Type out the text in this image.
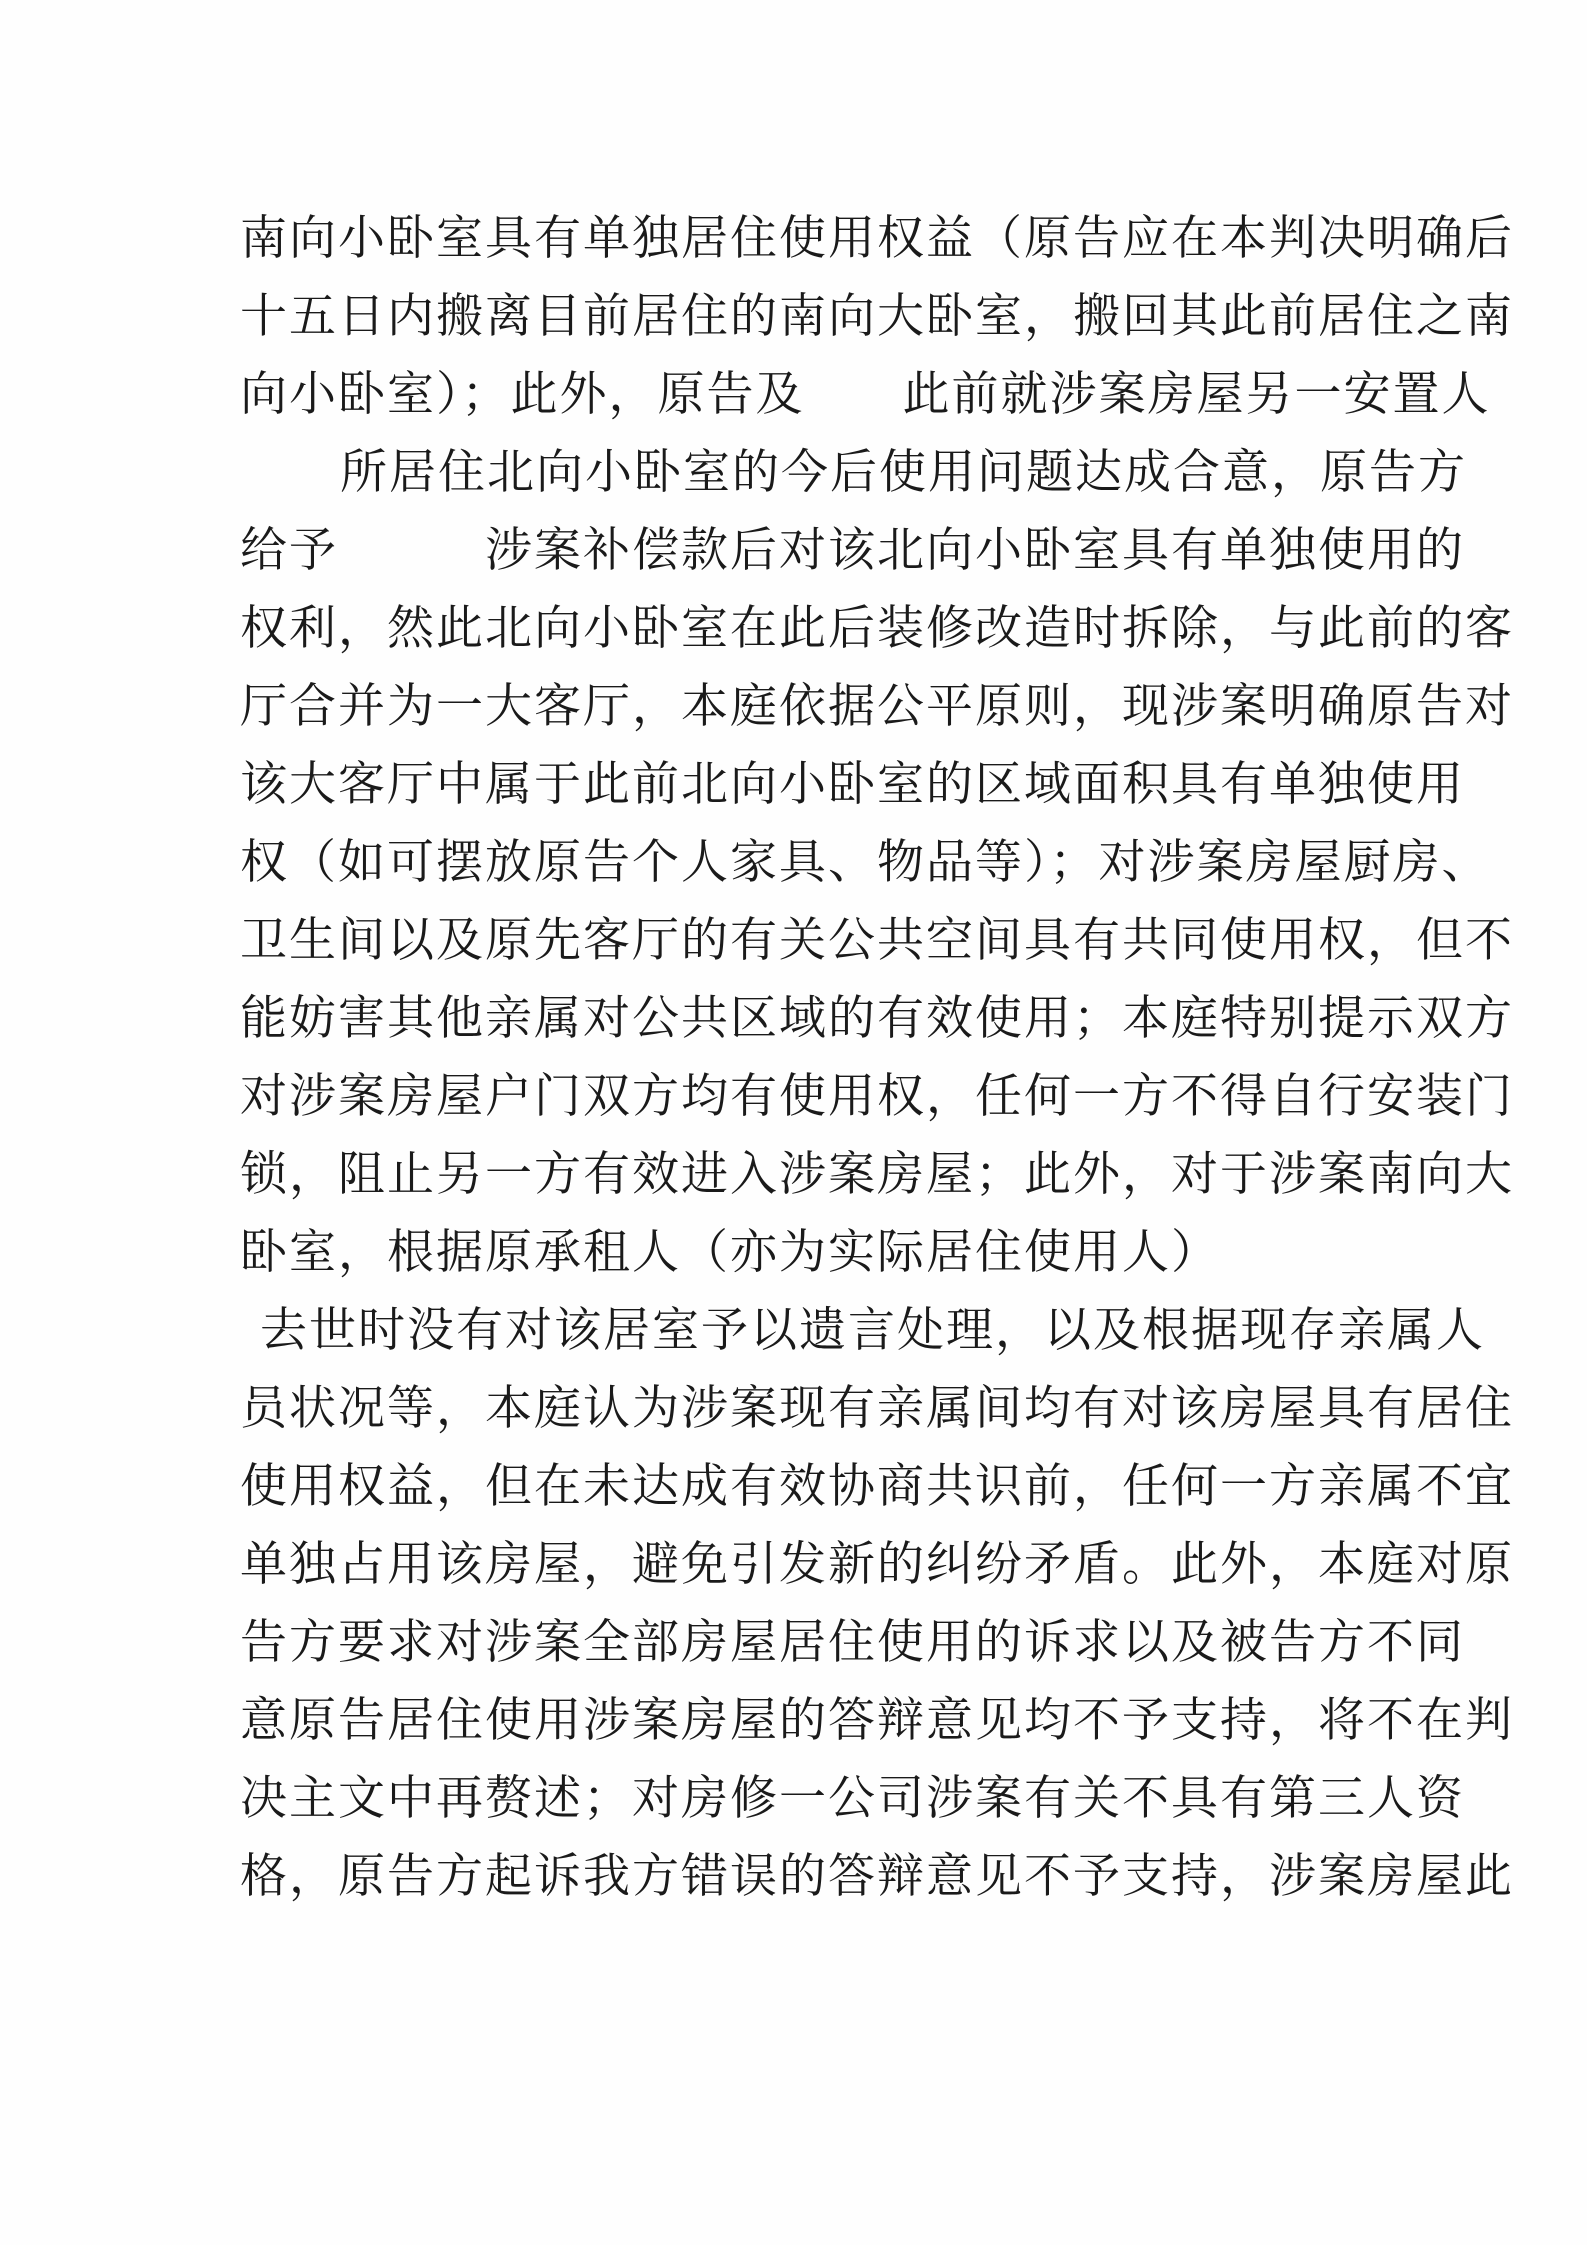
南向小卧室具有单独居住使用权益（原告应在本判决明确后
十五日内搬离目前居住的南向大卧室，搬回其此前居住之南
向小卧室）；此外，原告及　　此前就涉案房屋另一安置人
所居住北向小卧室的今后使用问题达成合意，原告方
给予　　　涉案补偿款后对该北向小卧室具有单独使用的
权利，然此北向小卧室在此后装修改造时拆除，与此前的客
厅合并为一大客厅，本庭依据公平原则，现涉案明确原告对
该大客厅中属于此前北向小卧室的区域面积具有单独使用
权（如可摆放原告个人家具、物品等）；对涉案房屋厨房、
卫生间以及原先客厅的有关公共空间具有共同使用权，但不
能妨害其他亲属对公共区域的有效使用；本庭特别提示双方
对涉案房屋户门双方均有使用权，任何一方不得自行安装门
锁，阻止另一方有效进入涉案房屋；此外，对于涉案南向大
卧室，根据原承租人（亦为实际居住使用人）
去世时没有对该居室予以遗言处理，以及根据现存亲属人
员状况等，本庭认为涉案现有亲属间均有对该房屋具有居住
使用权益，但在未达成有效协商共识前，任何一方亲属不宜
单独占用该房屋，避免引发新的纠纷矛盾。此外，本庭对原
告方要求对涉案全部房屋居住使用的诉求以及被告方不同
意原告居住使用涉案房屋的答辩意见均不予支持，将不在判
决主文中再赘述；对房修一公司涉案有关不具有第三人资
格，原告方起诉我方错误的答辩意见不予支持，涉案房屋此
